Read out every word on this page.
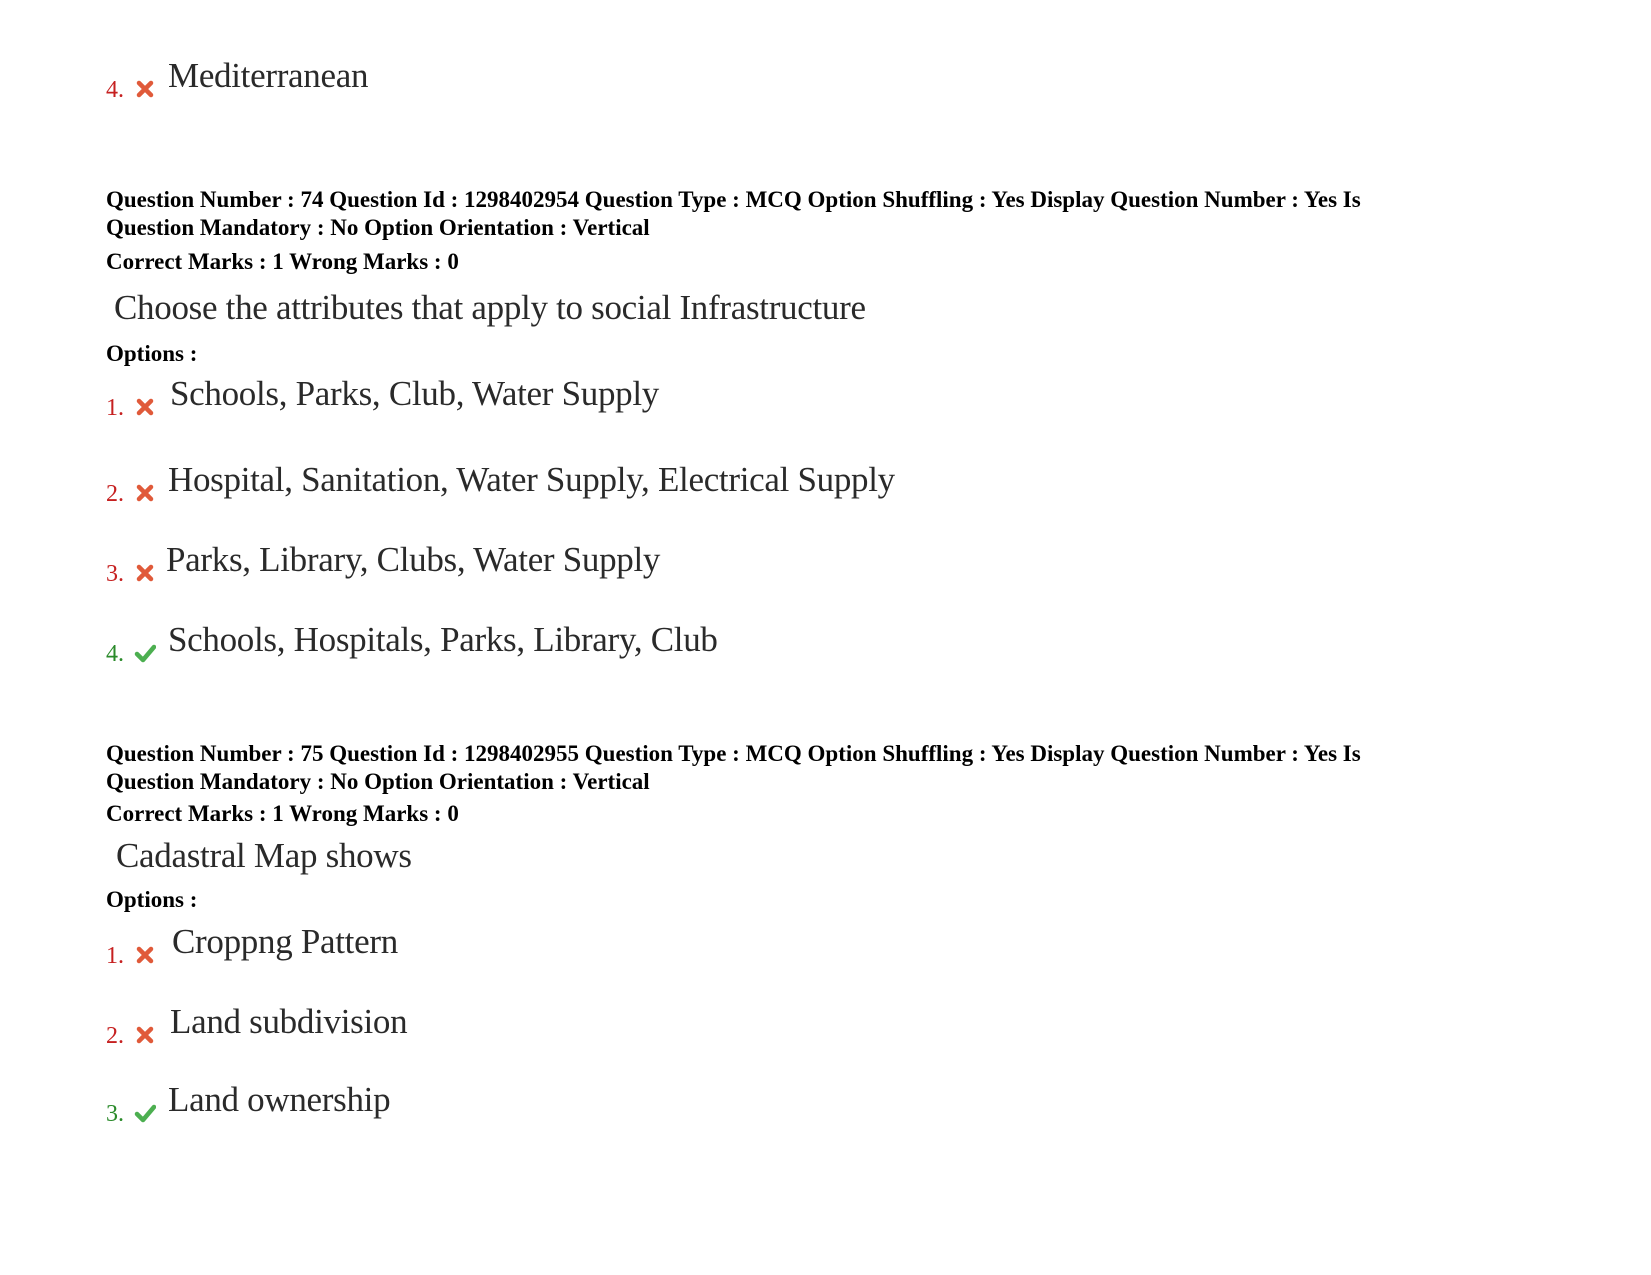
4. Mediterranean
Question Number : 74 Question Id : 1298402954 Question Type : MCQ Option Shuffling : Yes Display Question Number : Yes Is
Question Mandatory : No Option Orientation : Vertical
Correct Marks : 1 Wrong Marks : 0
Choose the attributes that apply to social Infrastructure
Options :
1. Schools, Parks, Club, Water Supply
2. Hospital, Sanitation, Water Supply, Electrical Supply
3. Parks, Library, Clubs, Water Supply
4. Schools, Hospitals, Parks, Library, Club
Question Number : 75 Question Id : 1298402955 Question Type : MCQ Option Shuffling : Yes Display Question Number : Yes Is
Question Mandatory : No Option Orientation : Vertical
Correct Marks : 1 Wrong Marks : 0
Cadastral Map shows
Options :
1. Croppng Pattern
2. Land subdivision
3. Land ownership
